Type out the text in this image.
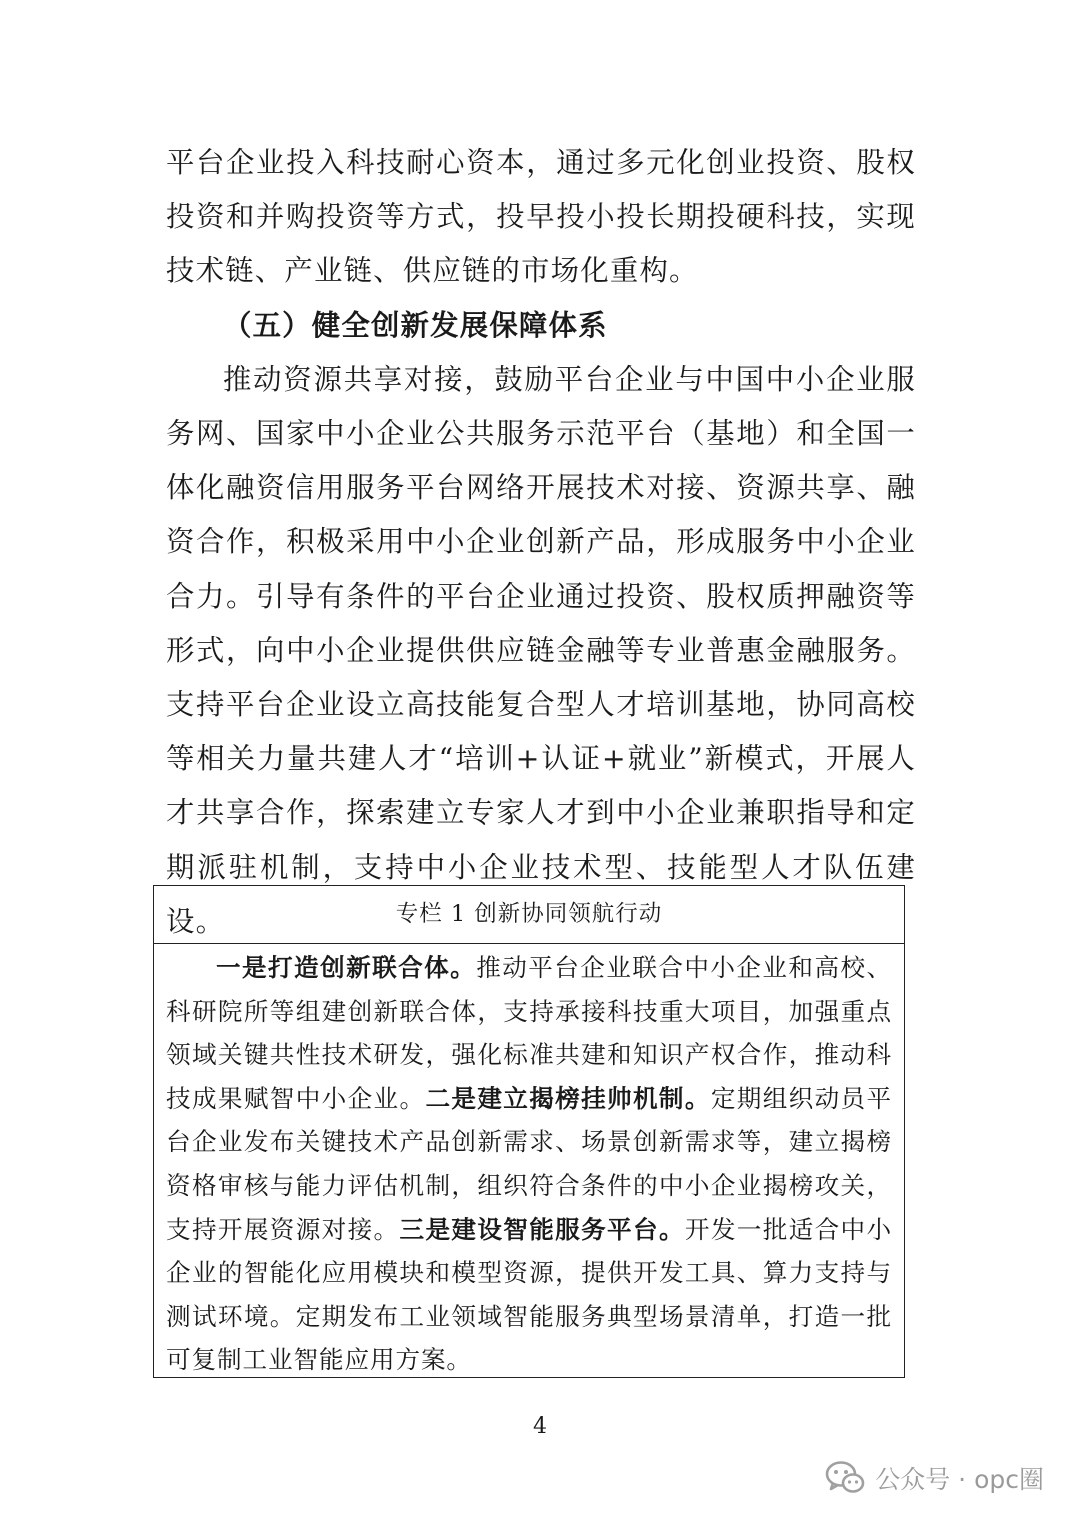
平台企业投入科技耐心资本，通过多元化创业投资、股权投资和并购投资等方式，投早投小投长期投硬科技，实现技术链、产业链、供应链的市场化重构。

（五）健全创新发展保障体系

推动资源共享对接，鼓励平台企业与中国中小企业服务网、国家中小企业公共服务示范平台（基地）和全国一体化融资信用服务平台网络开展技术对接、资源共享、融资合作，积极采用中小企业创新产品，形成服务中小企业合力。引导有条件的平台企业通过投资、股权质押融资等形式，向中小企业提供供应链金融等专业普惠金融服务。支持平台企业设立高技能复合型人才培训基地，协同高校等相关力量共建人才“培训+认证+就业”新模式，开展人才共享合作，探索建立专家人才到中小企业兼职指导和定期派驻机制，支持中小企业技术型、技能型人才队伍建设。	专栏 1 创新协同领航行动

一是打造创新联合体。推动平台企业联合中小企业和高校、科研院所等组建创新联合体，支持承接科技重大项目，加强重点领域关键共性技术研发，强化标准共建和知识产权合作，推动科技成果赋智中小企业。二是建立揭榜挂帅机制。定期组织动员平台企业发布关键技术产品创新需求、场景创新需求等，建立揭榜资格审核与能力评估机制，组织符合条件的中小企业揭榜攻关，支持开展资源对接。三是建设智能服务平台。开发一批适合中小企业的智能化应用模块和模型资源，提供开发工具、算力支持与测试环境。定期发布工业领域智能服务典型场景清单，打造一批可复制工业智能应用方案。

4
公众号 · opc圈
